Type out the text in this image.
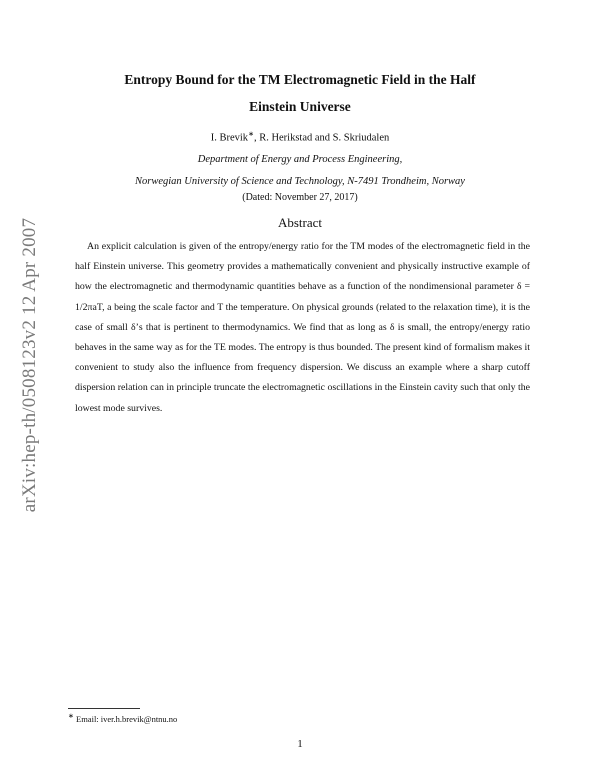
arXiv:hep-th/0508123v2 12 Apr 2007
Entropy Bound for the TM Electromagnetic Field in the Half
Einstein Universe
I. Brevik∗, R. Herikstad and S. Skriudalen
Department of Energy and Process Engineering,
Norwegian University of Science and Technology, N-7491 Trondheim, Norway
(Dated: November 27, 2017)
Abstract

An explicit calculation is given of the entropy/energy ratio for the TM modes of the electromagnetic field in the half Einstein universe. This geometry provides a mathematically convenient and physically instructive example of how the electromagnetic and thermodynamic quantities behave as a function of the nondimensional parameter δ = 1/2πaT, a being the scale factor and T the temperature. On physical grounds (related to the relaxation time), it is the case of small δ’s that is pertinent to thermodynamics. We find that as long as δ is small, the entropy/energy ratio behaves in the same way as for the TE modes. The entropy is thus bounded. The present kind of formalism makes it convenient to study also the influence from frequency dispersion. We discuss an example where a sharp cutoff dispersion relation can in principle truncate the electromagnetic oscillations in the Einstein cavity such that only the lowest mode survives.

∗ Email: iver.h.brevik@ntnu.no
1
